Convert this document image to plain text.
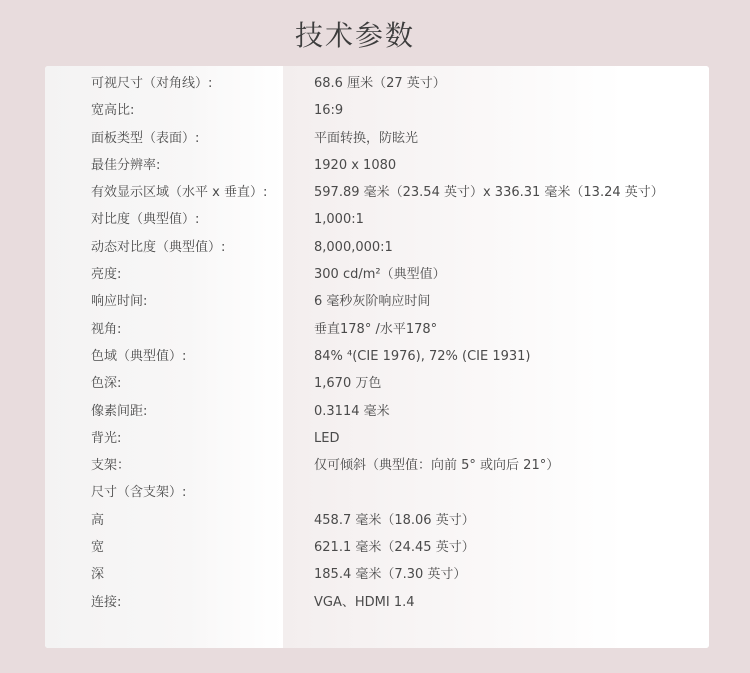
技术参数
可视尺寸（对角线）:	68.6 厘米（27 英寸）
宽高比:	16:9
面板类型（表面）:	平面转换，防眩光
最佳分辨率:	1920 x 1080
有效显示区域（水平 x 垂直）:	597.89 毫米（23.54 英寸）x 336.31 毫米（13.24 英寸）
对比度（典型值）:	1,000:1
动态对比度（典型值）:	8,000,000:1
亮度:	300 cd/m²（典型值）
响应时间:	6 毫秒灰阶响应时间
视角:	垂直178° /水平178°
色域（典型值）:	84% ⁴(CIE 1976), 72% (CIE 1931)
色深:	1,670 万色
像素间距:	0.3114 毫米
背光:	LED
支架：	仅可倾斜（典型值：向前 5° 或向后 21°）
尺寸（含支架）:
高	458.7 毫米（18.06 英寸）
宽	621.1 毫米（24.45 英寸）
深	185.4 毫米（7.30 英寸）
连接:	VGA、HDMI 1.4
